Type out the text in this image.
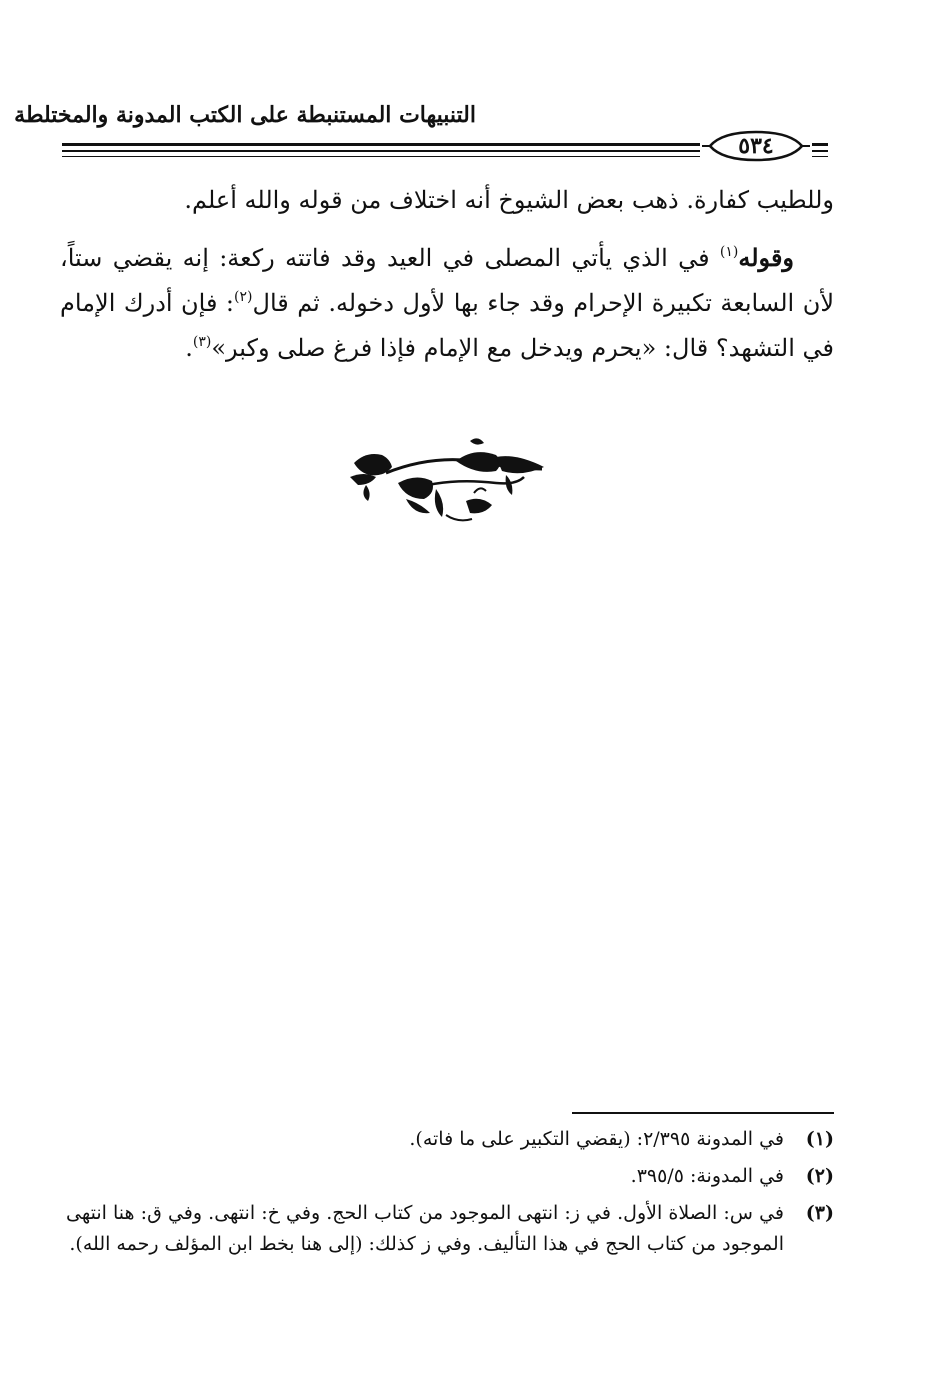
التنبيهات المستنبطة على الكتب المدونة والمختلطة
٥٣٤

وللطيب كفارة. ذهب بعض الشيوخ أنه اختلاف من قوله والله أعلم.

وقوله$^{(١)}$ في الذي يأتي المصلى في العيد وقد فاتته ركعة: إنه يقضي ستاً، لأن السابعة تكبيرة الإحرام وقد جاء بها لأول دخوله. ثم قال$^{(٢)}$: فإن أدرك الإمام في التشهد؟ قال: «يحرم ويدخل مع الإمام فإذا فرغ صلى وكبر»$^{(٣)}$.

(١)
في المدونة ٢/٣٩٥: (يقضي التكبير على ما فاته).
(٢)
في المدونة: ٣٩٥/٥.
(٣)
في س: الصلاة الأول. في ز: انتهى الموجود من كتاب الحج. وفي خ: انتهى. وفي ق: هنا انتهى الموجود من كتاب الحج في هذا التأليف. وفي ز كذلك: (إلى هنا بخط ابن المؤلف رحمه الله).
